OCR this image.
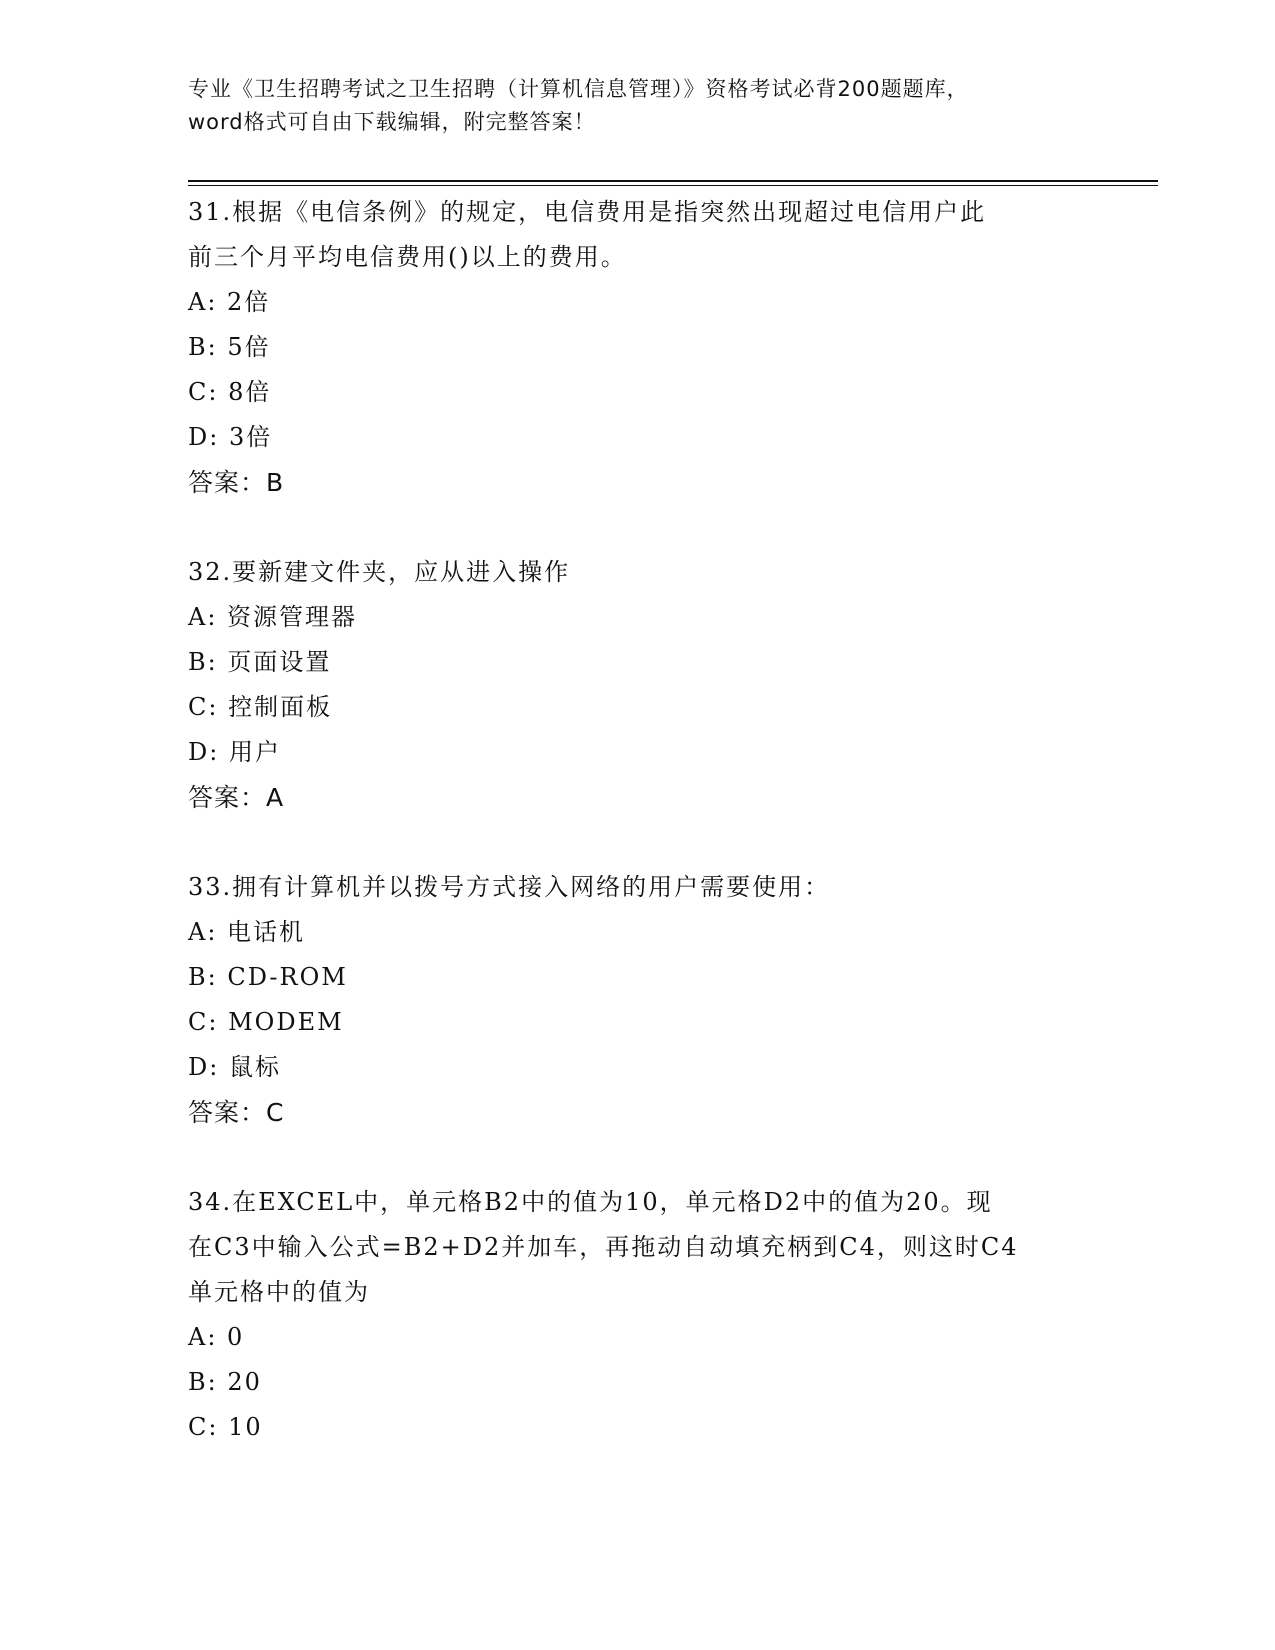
专业《卫生招聘考试之卫生招聘（计算机信息管理）》资格考试必背200题题库，
word格式可自由下载编辑，附完整答案！
31.根据《电信条例》的规定，电信费用是指突然出现超过电信用户此
前三个月平均电信费用()以上的费用。
A: 2倍
B: 5倍
C: 8倍
D: 3倍
答案：B
32.要新建文件夹，应从进入操作
A: 资源管理器
B: 页面设置
C: 控制面板
D: 用户
答案：A
33.拥有计算机并以拨号方式接入网络的用户需要使用：
A: 电话机
B: CD-ROM
C: MODEM
D: 鼠标
答案：C
34.在EXCEL中，单元格B2中的值为10，单元格D2中的值为20。现
在C3中输入公式=B2+D2并加车，再拖动自动填充柄到C4，则这时C4
单元格中的值为
A: 0
B: 20
C: 10
